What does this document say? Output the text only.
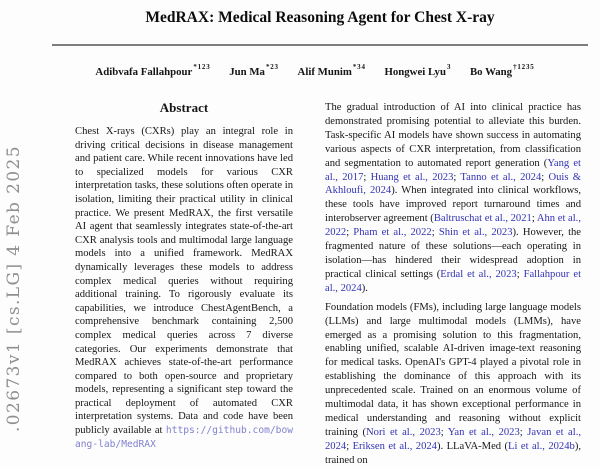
.02673v1 [cs.LG] 4 Feb 2025
MedRAX: Medical Reasoning Agent for Chest X-ray
Adibvafa Fallahpour$^{*123}$ Jun Ma$^{*23}$ Alif Munim$^{*34}$ Hongwei Lyu$^3$ Bo Wang$^{\dagger 1235}$
Abstract

Chest X-rays (CXRs) play an integral role in driving critical decisions in disease management and patient care. While recent innovations have led to specialized models for various CXR interpretation tasks, these solutions often operate in isolation, limiting their practical utility in clinical practice. We present MedRAX, the first versatile AI agent that seamlessly integrates state-of-the-art CXR analysis tools and multimodal large language models into a unified framework. MedRAX dynamically leverages these models to address complex medical queries without requiring additional training. To rigorously evaluate its capabilities, we introduce ChestAgentBench, a comprehensive benchmark containing 2,500 complex medical queries across 7 diverse categories. Our experiments demonstrate that MedRAX achieves state-of-the-art performance compared to both open-source and proprietary models, representing a significant step toward the practical deployment of automated CXR interpretation systems. Data and code have been publicly available at https://github.com/bowang-lab/MedRAX

The gradual introduction of AI into clinical practice has demonstrated promising potential to alleviate this burden. Task-specific AI models have shown success in automating various aspects of CXR interpretation, from classification and segmentation to automated report generation (Yang et al., 2017; Huang et al., 2023; Tanno et al., 2024; Ouis & Akhloufi, 2024). When integrated into clinical workflows, these tools have improved report turnaround times and interobserver agreement (Baltruschat et al., 2021; Ahn et al., 2022; Pham et al., 2022; Shin et al., 2023). However, the fragmented nature of these solutions—each operating in isolation—has hindered their widespread adoption in practical clinical settings (Erdal et al., 2023; Fallahpour et al., 2024).

Foundation models (FMs), including large language models (LLMs) and large multimodal models (LMMs), have emerged as a promising solution to this fragmentation, enabling unified, scalable AI-driven image-text reasoning for medical tasks. OpenAI's GPT-4 played a pivotal role in establishing the dominance of this approach with its unprecedented scale. Trained on an enormous volume of multimodal data, it has shown exceptional performance in medical understanding and reasoning without explicit training (Nori et al., 2023; Yan et al., 2023; Javan et al., 2024; Eriksen et al., 2024). LLaVA-Med (Li et al., 2024b), trained on
